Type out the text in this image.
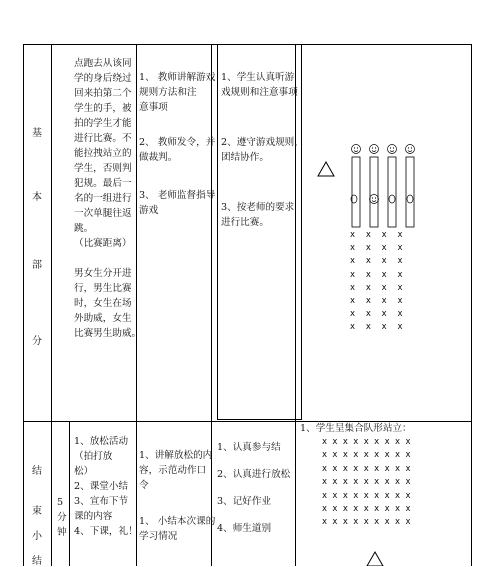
基
本
部
分
点跑去从该同
学的身后绕过
回来拍第二个
学生的手，被
拍的学生才能
进行比赛。不
能拉拽站立的
学生，否则判
犯规。最后一
名的一组进行
一次单腿往返
跳。
（比赛距离）
男女生分开进
行，男生比赛
时，女生在场
外助威，女生
比赛男生助威。
1、 教师讲解游戏
规则方法和注
意事项
2、 教师发令，并
做裁判。
3、 老师监督指导
游戏
1、学生认真听游
戏规则和注意事项
2、遵守游戏规则，
团结协作。
3、按老师的要求
进行比赛。
x    x    x    x
x    x    x    x
x    x    x    x
x    x    x    x
x    x    x    x
x    x    x    x
x    x    x    x
x    x    x    x
结
束
小
结
5
分
钟
1、放松活动
（拍打放
松）
2、课堂小结
3、宣布下节
课的内容
4、下课，礼！
1、讲解放松的内
容，示范动作口
令
1、 小结本次课的
学习情况
1、认真参与结
2、认真进行放松
3、记好作业
4、师生道别
1、学生呈集合队形站立：
x  x  x  x  x  x  x  x  x
x  x  x  x  x  x  x  x  x
x  x  x  x  x  x  x  x  x
x  x  x  x  x  x  x  x  x
x  x  x  x  x  x  x  x  x
x  x  x  x  x  x  x  x  x
x  x  x  x  x  x  x  x  x
